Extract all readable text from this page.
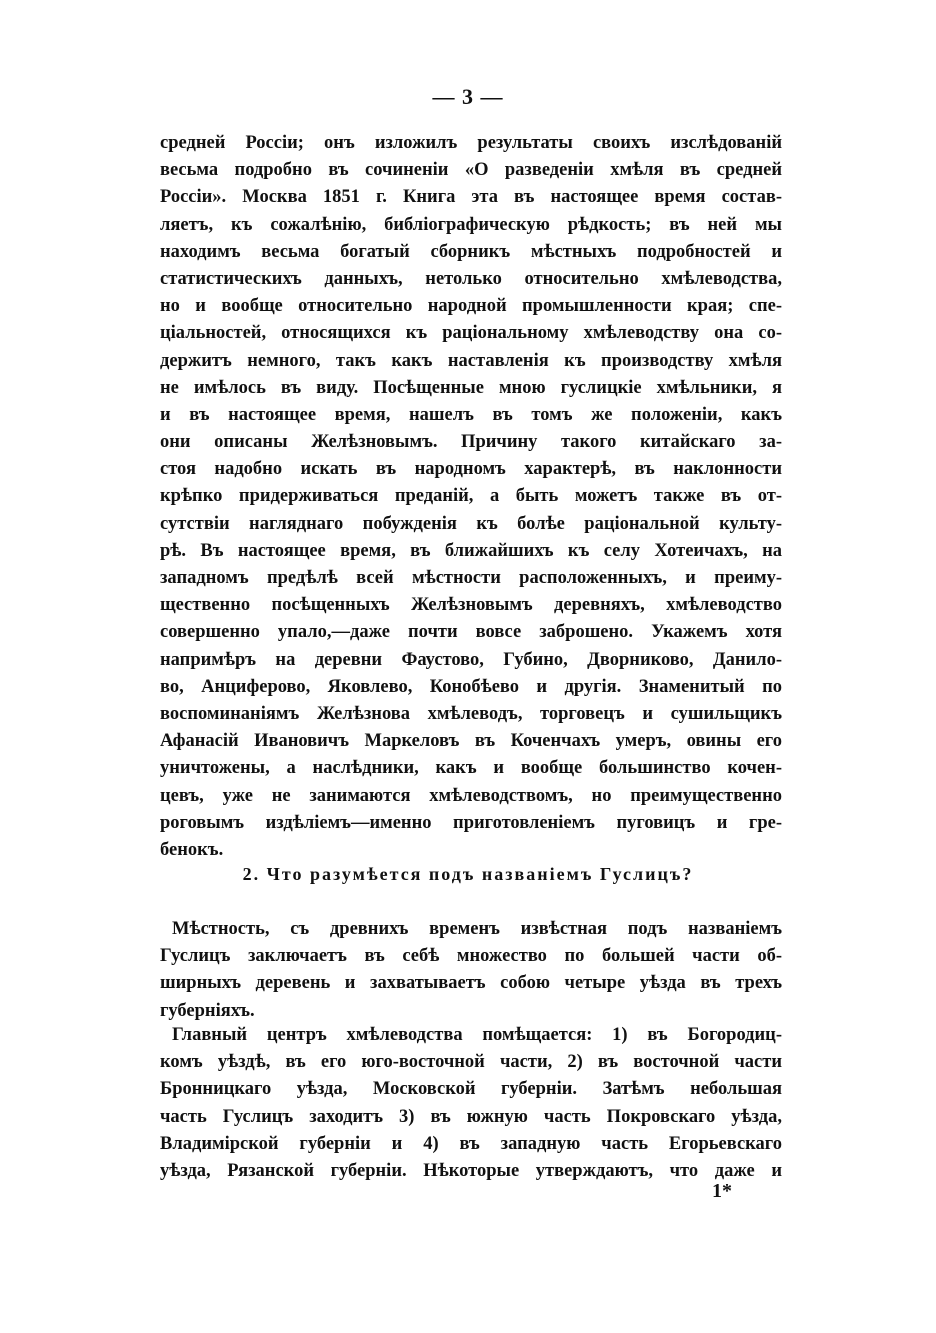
— 3 —
средней Россіи; онъ изложилъ результаты своихъ изслѣдованій
весьма подробно въ сочиненіи «О разведеніи хмѣля въ средней
Россіи». Москва 1851 г. Книга эта въ настоящее время состав-
ляетъ, къ сожалѣнію, библіографическую рѣдкость; въ ней мы
находимъ весьма богатый сборникъ мѣстныхъ подробностей и
статистическихъ данныхъ, нетолько относительно хмѣлеводства,
но и вообще относительно народной промышленности края; спе-
ціальностей, относящихся къ раціональному хмѣлеводству она со-
держитъ немного, такъ какъ наставленія къ производству хмѣля
не имѣлось въ виду. Посѣщенные мною гуслицкіе хмѣльники, я
и въ настоящее время, нашелъ въ томъ же положеніи, какъ
они описаны Желѣзновымъ. Причину такого китайскаго за-
стоя надобно искать въ народномъ характерѣ, въ наклонности
крѣпко придерживаться преданій, а быть можетъ также въ от-
сутствіи нагляднаго побужденія къ болѣе раціональной культу-
рѣ. Въ настоящее время, въ ближайшихъ къ селу Хотеичахъ, на
западномъ предѣлѣ всей мѣстности расположенныхъ, и преиму-
щественно посѣщенныхъ Желѣзновымъ деревняхъ, хмѣлеводство
совершенно упало,—даже почти вовсе заброшено. Укажемъ хотя
напримѣръ на деревни Фаустово, Губино, Дворниково, Данило-
во, Анциферово, Яковлево, Конобѣево и другія. Знаменитый по
воспоминаніямъ Желѣзнова хмѣлеводъ, торговецъ и сушильщикъ
Афанасій Ивановичъ Маркеловъ въ Коченчахъ умеръ, овины его
уничтожены, а наслѣдники, какъ и вообще большинство кочен-
цевъ, уже не занимаются хмѣлеводствомъ, но преимущественно
роговымъ издѣліемъ—именно приготовленіемъ пуговицъ и гре-
бенокъ.
2. Что разумѣется подъ названіемъ Гуслицъ?
Мѣстность, съ древнихъ временъ извѣстная подъ названіемъ
Гуслицъ заключаетъ въ себѣ множество по большей части об-
ширныхъ деревень и захватываетъ собою четыре уѣзда въ трехъ
губерніяхъ.
Главный центръ хмѣлеводства помѣщается: 1) въ Богородиц-
комъ уѣздѣ, въ его юго-восточной части, 2) въ восточной части
Бронницкаго уѣзда, Московской губерніи. Затѣмъ небольшая
часть Гуслицъ заходитъ 3) въ южную часть Покровскаго уѣзда,
Владимірской губерніи и 4) въ западную часть Егорьевскаго
уѣзда, Рязанской губерніи. Нѣкоторые утверждаютъ, что даже и
1*
